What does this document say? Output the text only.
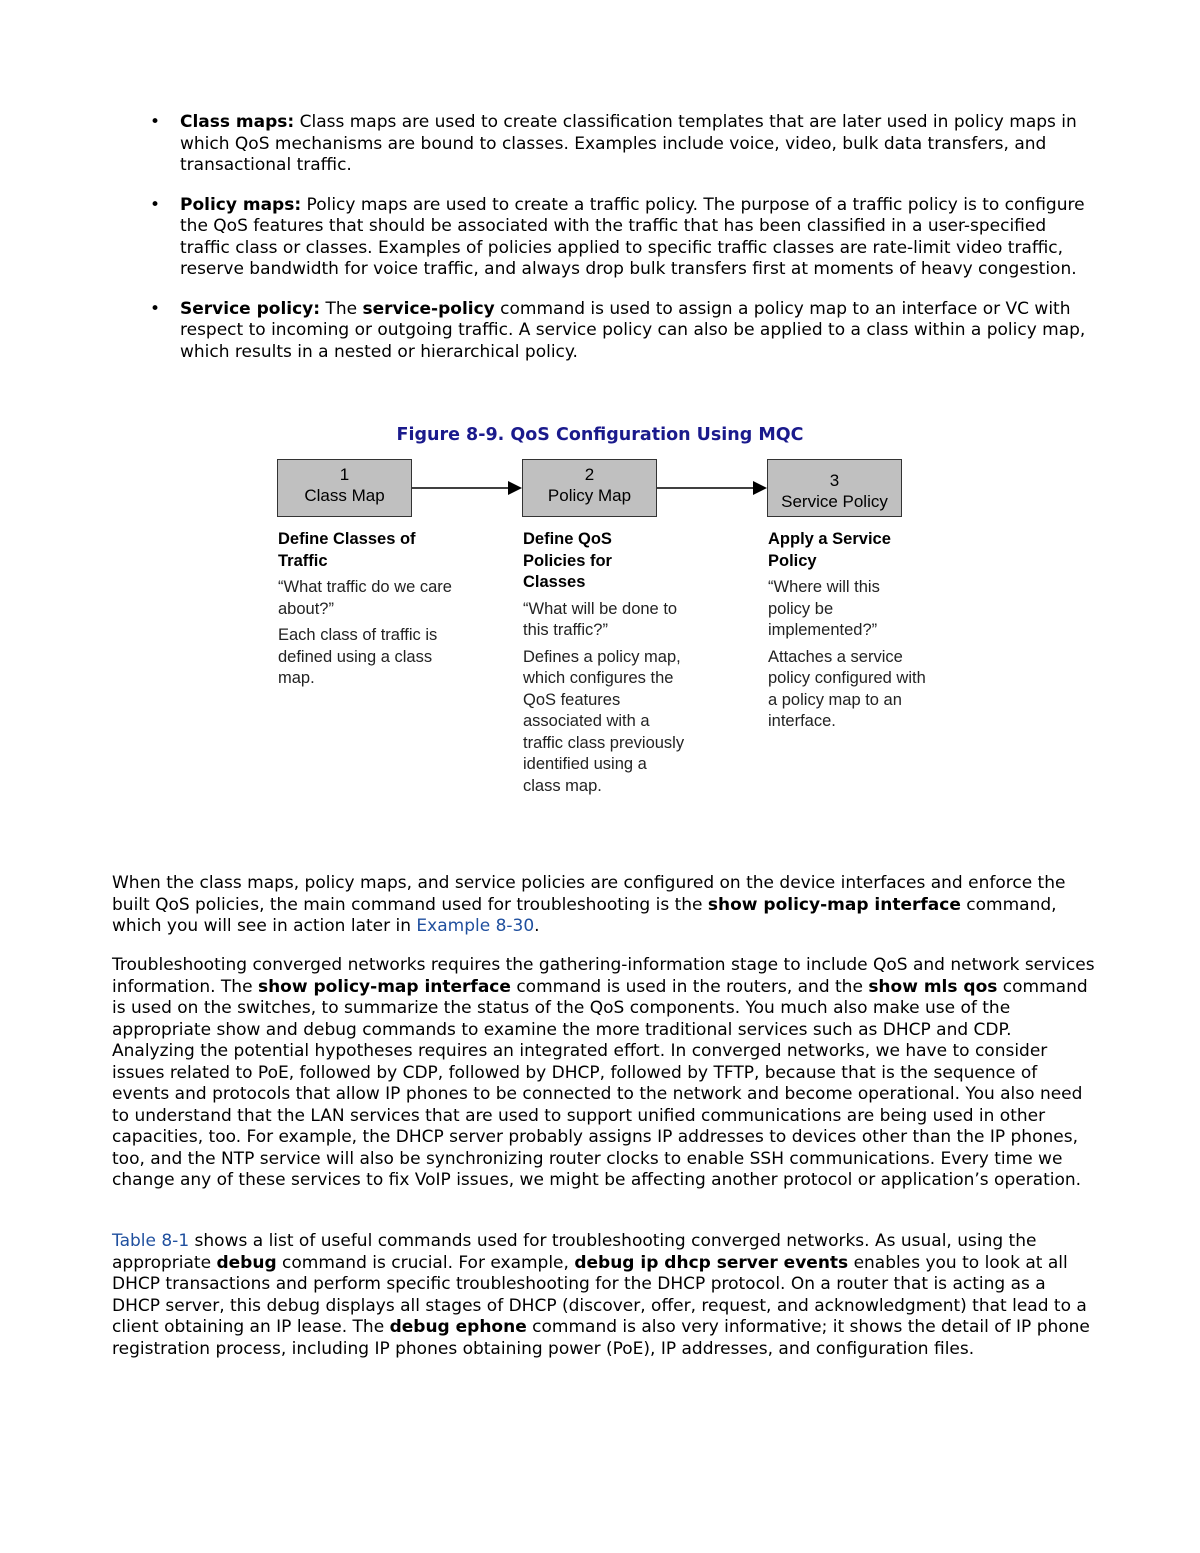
• Class maps: Class maps are used to create classification templates that are later used in policy maps in which QoS mechanisms are bound to classes. Examples include voice, video, bulk data transfers, and transactional traffic.
• Policy maps: Policy maps are used to create a traffic policy. The purpose of a traffic policy is to configure the QoS features that should be associated with the traffic that has been classified in a user-specified traffic class or classes. Examples of policies applied to specific traffic classes are rate-limit video traffic, reserve bandwidth for voice traffic, and always drop bulk transfers first at moments of heavy congestion.
• Service policy: The service-policy command is used to assign a policy map to an interface or VC with respect to incoming or outgoing traffic. A service policy can also be applied to a class within a policy map, which results in a nested or hierarchical policy.
Figure 8-9. QoS Configuration Using MQC
1
Class Map
2
Policy Map
3
Service Policy
Define Classes of Traffic
“What traffic do we care about?”
Each class of traffic is defined using a class map.
Define QoS Policies for Classes
“What will be done to this traffic?”
Defines a policy map, which configures the QoS features associated with a traffic class previously identified using a class map.
Apply a Service Policy
“Where will this policy be implemented?”
Attaches a service policy configured with a policy map to an interface.

When the class maps, policy maps, and service policies are configured on the device interfaces and enforce the built QoS policies, the main command used for troubleshooting is the show policy-map interface command, which you will see in action later in Example 8-30.

Troubleshooting converged networks requires the gathering-information stage to include QoS and network services information. The show policy-map interface command is used in the routers, and the show mls qos command is used on the switches, to summarize the status of the QoS components. You much also make use of the appropriate show and debug commands to examine the more traditional services such as DHCP and CDP. Analyzing the potential hypotheses requires an integrated effort. In converged networks, we have to consider issues related to PoE, followed by CDP, followed by DHCP, followed by TFTP, because that is the sequence of events and protocols that allow IP phones to be connected to the network and become operational. You also need to understand that the LAN services that are used to support unified communications are being used in other capacities, too. For example, the DHCP server probably assigns IP addresses to devices other than the IP phones, too, and the NTP service will also be synchronizing router clocks to enable SSH communications. Every time we change any of these services to fix VoIP issues, we might be affecting another protocol or application’s operation.

Table 8-1 shows a list of useful commands used for troubleshooting converged networks. As usual, using the appropriate debug command is crucial. For example, debug ip dhcp server events enables you to look at all DHCP transactions and perform specific troubleshooting for the DHCP protocol. On a router that is acting as a DHCP server, this debug displays all stages of DHCP (discover, offer, request, and acknowledgment) that lead to a client obtaining an IP lease. The debug ephone command is also very informative; it shows the detail of IP phone registration process, including IP phones obtaining power (PoE), IP addresses, and configuration files.
